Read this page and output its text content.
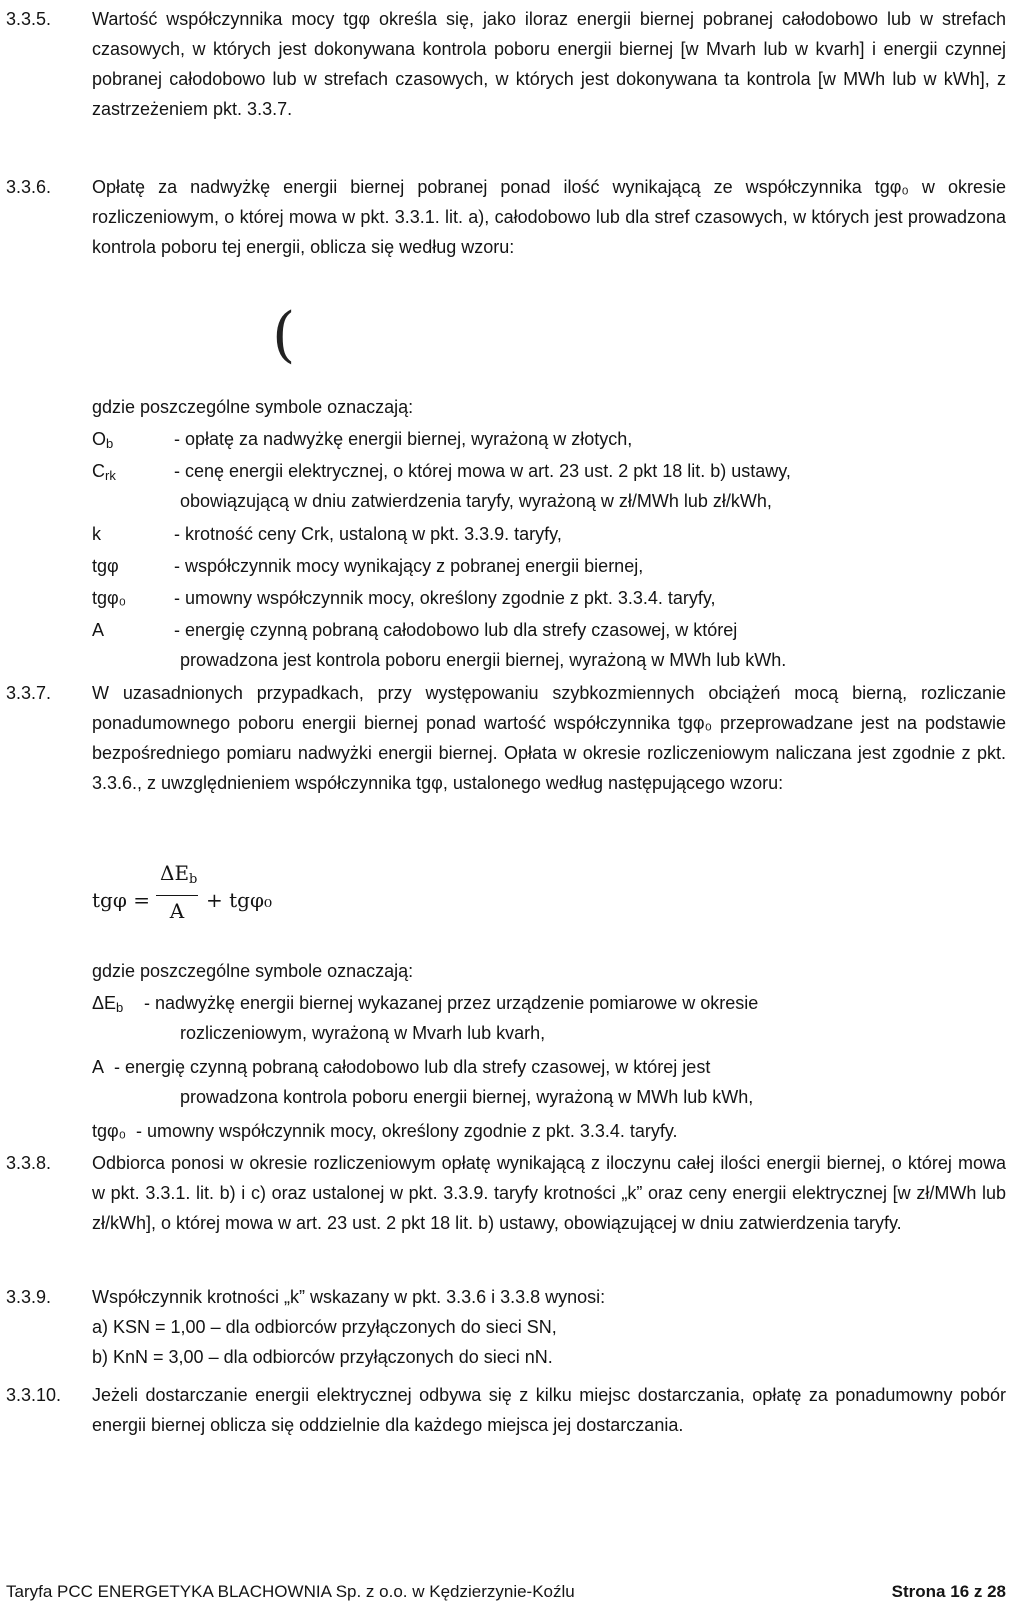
3.3.5. Wartość współczynnika mocy tgφ określa się, jako iloraz energii biernej pobranej całodobowo lub w strefach czasowych, w których jest dokonywana kontrola poboru energii biernej [w Mvarh lub w kvarh] i energii czynnej pobranej całodobowo lub w strefach czasowych, w których jest dokonywana ta kontrola [w MWh lub w kWh], z zastrzeżeniem pkt. 3.3.7.
3.3.6. Opłatę za nadwyżkę energii biernej pobranej ponad ilość wynikającą ze współczynnika tgφ₀ w okresie rozliczeniowym, o której mowa w pkt. 3.3.1. lit. a), całodobowo lub dla stref czasowych, w których jest prowadzona kontrola poboru tej energii, oblicza się według wzoru:
(
gdzie poszczególne symbole oznaczają:
$O_b$	- opłatę za nadwyżkę energii biernej, wyrażoną w złotych,
$C_{rk}$	- cenę energii elektrycznej, o której mowa w art. 23 ust. 2 pkt 18 lit. b) ustawy,
obowiązującą w dniu zatwierdzenia taryfy, wyrażoną w zł/MWh lub zł/kWh,
k	- krotność ceny Crk, ustaloną w pkt. 3.3.9. taryfy,
tgφ	- współczynnik mocy wynikający z pobranej energii biernej,
tgφ₀	- umowny współczynnik mocy, określony zgodnie z pkt. 3.3.4. taryfy,
A	- energię czynną pobraną całodobowo lub dla strefy czasowej, w której
prowadzona jest kontrola poboru energii biernej, wyrażoną w MWh lub kWh.
3.3.7. W uzasadnionych przypadkach, przy występowaniu szybkozmiennych obciążeń mocą bierną, rozliczanie ponadumownego poboru energii biernej ponad wartość współczynnika tgφ₀ przeprowadzane jest na podstawie bezpośredniego pomiaru nadwyżki energii biernej. Opłata w okresie rozliczeniowym naliczana jest zgodnie z pkt. 3.3.6., z uwzględnieniem współczynnika tgφ, ustalonego według następującego wzoru:
tgφ =
$\Delta E_b$
A	+ tgφ₀
gdzie poszczególne symbole oznaczają:
$\Delta E_b$ - nadwyżkę energii biernej wykazanej przez urządzenie pomiarowe w okresie
rozliczeniowym, wyrażoną w Mvarh lub kvarh,
A - energię czynną pobraną całodobowo lub dla strefy czasowej, w której jest
prowadzona kontrola poboru energii biernej, wyrażoną w MWh lub kWh,
tgφ₀ - umowny współczynnik mocy, określony zgodnie z pkt. 3.3.4. taryfy.
3.3.8. Odbiorca ponosi w okresie rozliczeniowym opłatę wynikającą z iloczynu całej ilości energii biernej, o której mowa w pkt. 3.3.1. lit. b) i c) oraz ustalonej w pkt. 3.3.9. taryfy krotności „k” oraz ceny energii elektrycznej [w zł/MWh lub zł/kWh], o której mowa w art. 23 ust. 2 pkt 18 lit. b) ustawy, obowiązującej w dniu zatwierdzenia taryfy.
3.3.9. Współczynnik krotności „k” wskazany w pkt. 3.3.6 i 3.3.8 wynosi:
a) KSN = 1,00 – dla odbiorców przyłączonych do sieci SN,
b) KnN = 3,00 – dla odbiorców przyłączonych do sieci nN.
3.3.10. Jeżeli dostarczanie energii elektrycznej odbywa się z kilku miejsc dostarczania, opłatę za ponadumowny pobór energii biernej oblicza się oddzielnie dla każdego miejsca jej dostarczania.
Taryfa PCC ENERGETYKA BLACHOWNIA Sp. z o.o. w Kędzierzynie-Koźlu	Strona 16 z 28
